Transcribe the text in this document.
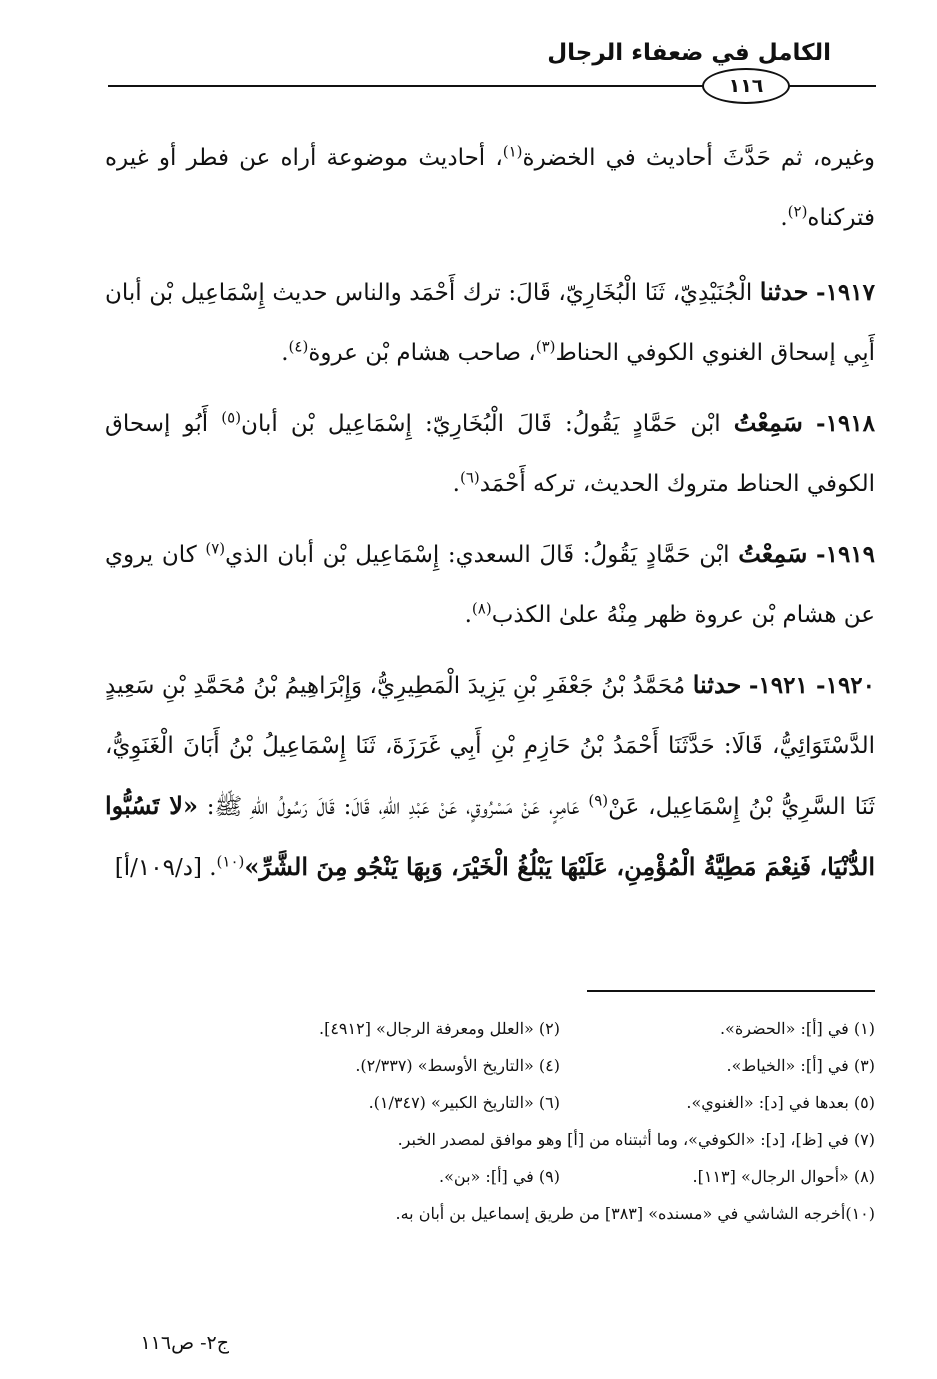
الكامل في ضعفاء الرجال
١١٦

وغيره، ثم حَدَّثَ أحاديث في الخضرة$^{(١)}$، أحاديث موضوعة أراه عن فطر أو غيره فتركناه$^{(٢)}$.

١٩١٧- حدثنا الْجُنَيْدِيّ، ثَنَا الْبُخَارِيّ، قَالَ: ترك أَحْمَد والناس حديث إِسْمَاعِيل بْن أبان أَبِي إسحاق الغنوي الكوفي الحناط$^{(٣)}$، صاحب هشام بْن عروة$^{(٤)}$.

١٩١٨- سَمِعْتُ ابْن حَمَّادٍ يَقُولُ: قَالَ الْبُخَارِيّ: إِسْمَاعِيل بْن أبان$^{(٥)}$ أَبُو إسحاق الكوفي الحناط متروك الحديث، تركه أَحْمَد$^{(٦)}$.

١٩١٩- سَمِعْتُ ابْن حَمَّادٍ يَقُولُ: قَالَ السعدي: إِسْمَاعِيل بْن أبان الذي$^{(٧)}$ كان يروي عن هشام بْن عروة ظهر مِنْهُ علىٰ الكذب$^{(٨)}$.

١٩٢٠- ١٩٢١- حدثنا مُحَمَّدُ بْنُ جَعْفَرِ بْنِ يَزِيدَ الْمَطِيرِيُّ، وَإِبْرَاهِيمُ بْنُ مُحَمَّدِ بْنِ سَعِيدٍ الدَّسْتَوَائِيُّ، قَالَا: حَدَّثَنَا أَحْمَدُ بْنُ حَازِمِ بْنِ أَبِي غَرَزَةَ، ثَنَا إِسْمَاعِيلُ بْنُ أَبَانَ الْغَنَوِيُّ، ثَنَا السَّرِيُّ بْنُ إِسْمَاعِيل، عَنْ$^{(٩)}$ عَامِرٍ، عَنْ مَسْرُوقٍ، عَنْ عَبْدِ اللهِ، قَالَ: قَالَ رَسُولُ اللهِ ﷺ: «لا تَسُبُّوا الدُّنْيَا، فَنِعْمَ مَطِيَّةُ الْمُؤْمِنِ، عَلَيْهَا يَبْلُغُ الْخَيْرَ، وَبِهَا يَنْجُو مِنَ الشَّرِّ»$^{(١٠)}$. [د/١٠٩/أ]

(١) في [أ]: «الحضرة».
(٢) «العلل ومعرفة الرجال» [٤٩١٢].
(٣) في [أ]: «الخياط».
(٤) «التاريخ الأوسط» (٢/٣٣٧).
(٥) بعدها في [د]: «الغنوي».
(٦) «التاريخ الكبير» (١/٣٤٧).
(٧) في [ظ]، [د]: «الكوفي»، وما أثبتناه من [أ] وهو موافق لمصدر الخبر.
(٨) «أحوال الرجال» [١١٣].
(٩) في [أ]: «بن».
(١٠)أخرجه الشاشي في «مسنده» [٣٨٣] من طريق إسماعيل بن أبان به.
ج٢- ص١١٦
